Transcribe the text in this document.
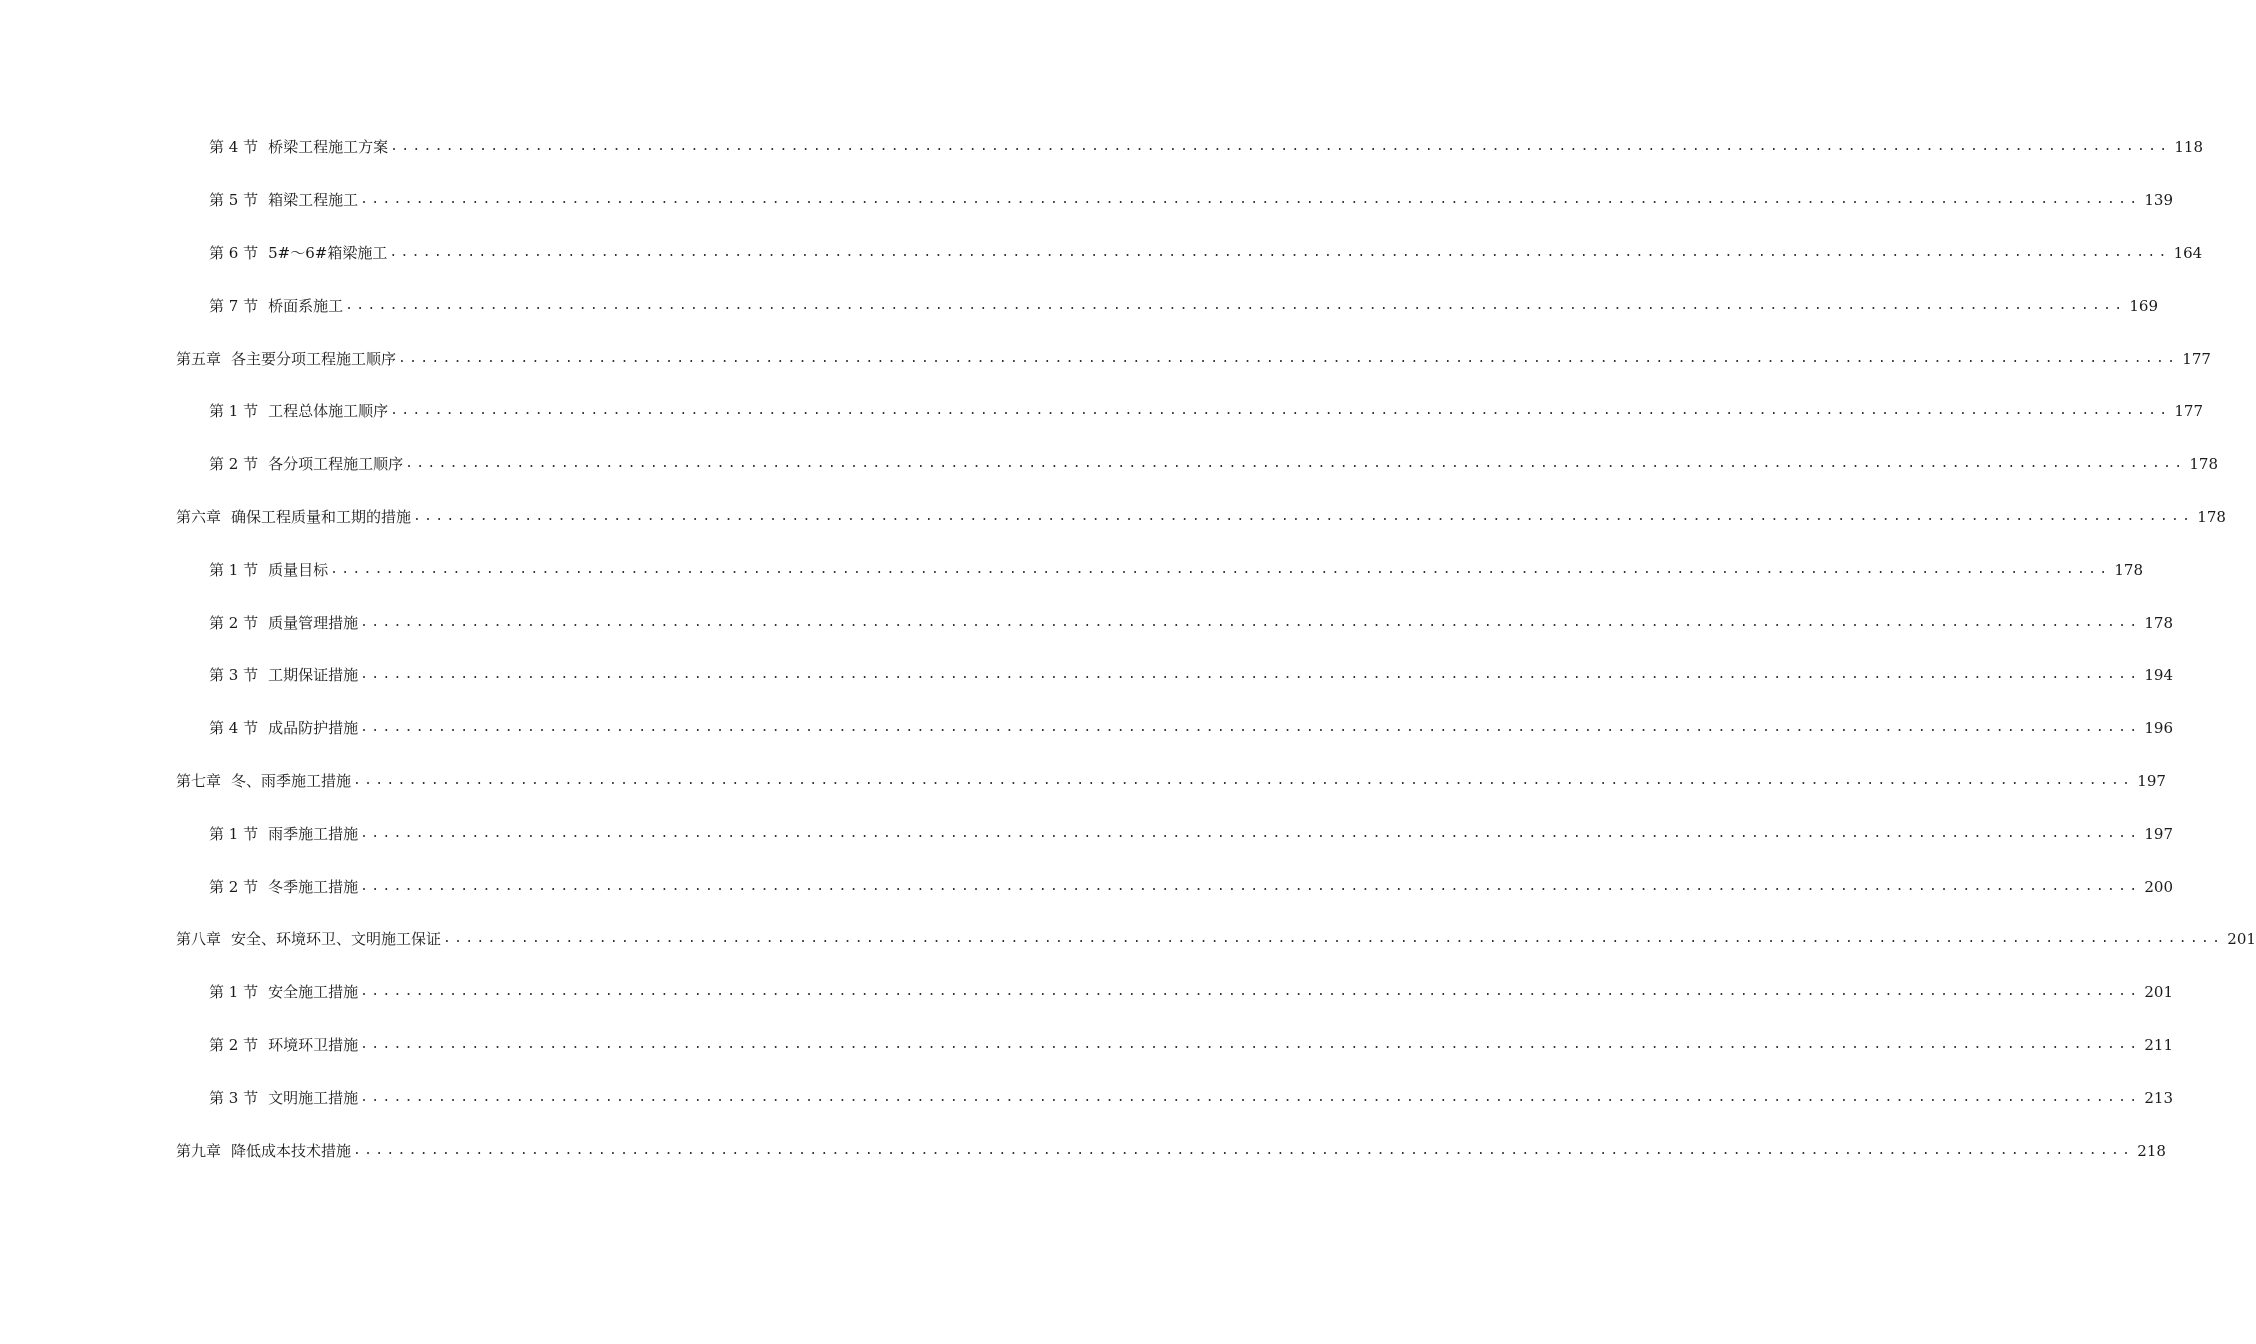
第 4 节 桥梁工程施工方案 ................................................................................................................................................................ 118
第 5 节 箱梁工程施工 ................................................................................................................................................................ 139
第 6 节 5#～6#箱梁施工 ................................................................................................................................................................ 164
第 7 节 桥面系施工 ................................................................................................................................................................ 169
第五章 各主要分项工程施工顺序 ................................................................................................................................................................ 177
第 1 节 工程总体施工顺序 ................................................................................................................................................................ 177
第 2 节 各分项工程施工顺序 ................................................................................................................................................................ 178
第六章 确保工程质量和工期的措施 ................................................................................................................................................................ 178
第 1 节 质量目标 ................................................................................................................................................................ 178
第 2 节 质量管理措施 ................................................................................................................................................................ 178
第 3 节 工期保证措施 ................................................................................................................................................................ 194
第 4 节 成品防护措施 ................................................................................................................................................................ 196
第七章 冬、雨季施工措施 ................................................................................................................................................................ 197
第 1 节 雨季施工措施 ................................................................................................................................................................ 197
第 2 节 冬季施工措施 ................................................................................................................................................................ 200
第八章 安全、环境环卫、文明施工保证 ................................................................................................................................................................ 201
第 1 节 安全施工措施 ................................................................................................................................................................ 201
第 2 节 环境环卫措施 ................................................................................................................................................................ 211
第 3 节 文明施工措施 ................................................................................................................................................................ 213
第九章 降低成本技术措施 ................................................................................................................................................................ 218
